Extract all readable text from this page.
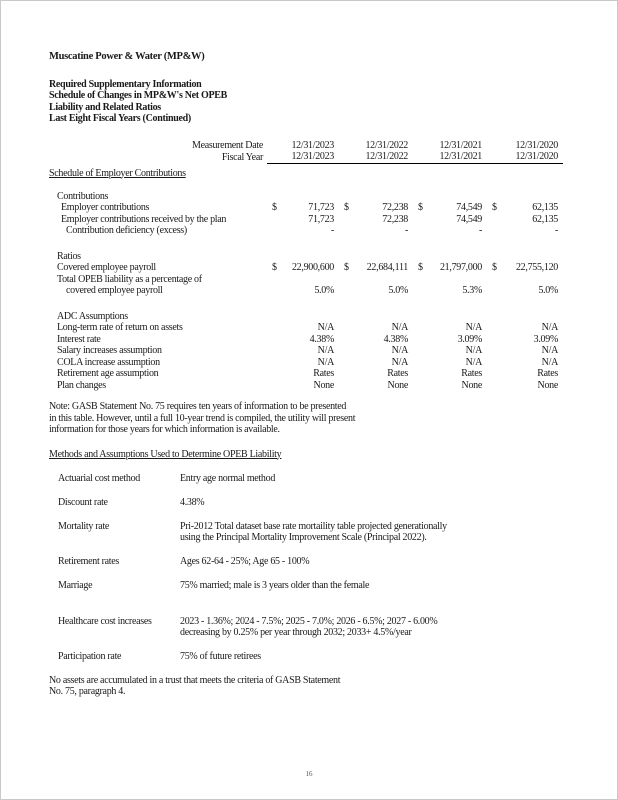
Muscatine Power & Water (MP&W)
Required Supplementary Information
Schedule of Changes in MP&W's Net OPEB
Liability and Related Ratios
Last Eight Fiscal Years (Continued)
Measurement Date	12/31/2023	12/31/2022	12/31/2021	12/31/2020
Fiscal Year	12/31/2023	12/31/2022	12/31/2021	12/31/2020
Schedule of Employer Contributions
Contributions
Employer contributions	$	71,723 $	72,238 $	74,549 $	62,135
Employer contributions received by the plan	71,723	72,238	74,549	62,135
Contribution deficiency (excess)	-	-	-	-
Ratios
Covered employee payroll	$ 22,900,600 $ 22,684,111 $ 21,797,000 $ 22,755,120
Total OPEB liability as a percentage of
covered employee payroll	5.0%	5.0%	5.3%	5.0%
ADC Assumptions
Long-term rate of return on assets	N/A	N/A	N/A	N/A
Interest rate	4.38%	4.38%	3.09%	3.09%
Salary increases assumption	N/A	N/A	N/A	N/A
COLA increase assumption	N/A	N/A	N/A	N/A
Retirement age assumption	Rates	Rates	Rates	Rates
Plan changes	None	None	None	None
Note: GASB Statement No. 75 requires ten years of information to be presented
in this table. However, until a full 10-year trend is compiled, the utility will present
information for those years for which information is available.
Methods and Assumptions Used to Determine OPEB Liability
Actuarial cost method	Entry age normal method
Discount rate	4.38%
Mortality rate	Pri-2012 Total dataset base rate mortaility table projected generationally
using the Principal Mortality Improvement Scale (Principal 2022).
Retirement rates	Ages 62-64 - 25%; Age 65 - 100%
Marriage	75% married; male is 3 years older than the female
Healthcare cost increases	2023 - 1.36%; 2024 - 7.5%; 2025 - 7.0%; 2026 - 6.5%; 2027 - 6.00%
decreasing by 0.25% per year through 2032; 2033+ 4.5%/year
Participation rate	75% of future retirees
No assets are accumulated in a trust that meets the criteria of GASB Statement
No. 75, paragraph 4.
16
